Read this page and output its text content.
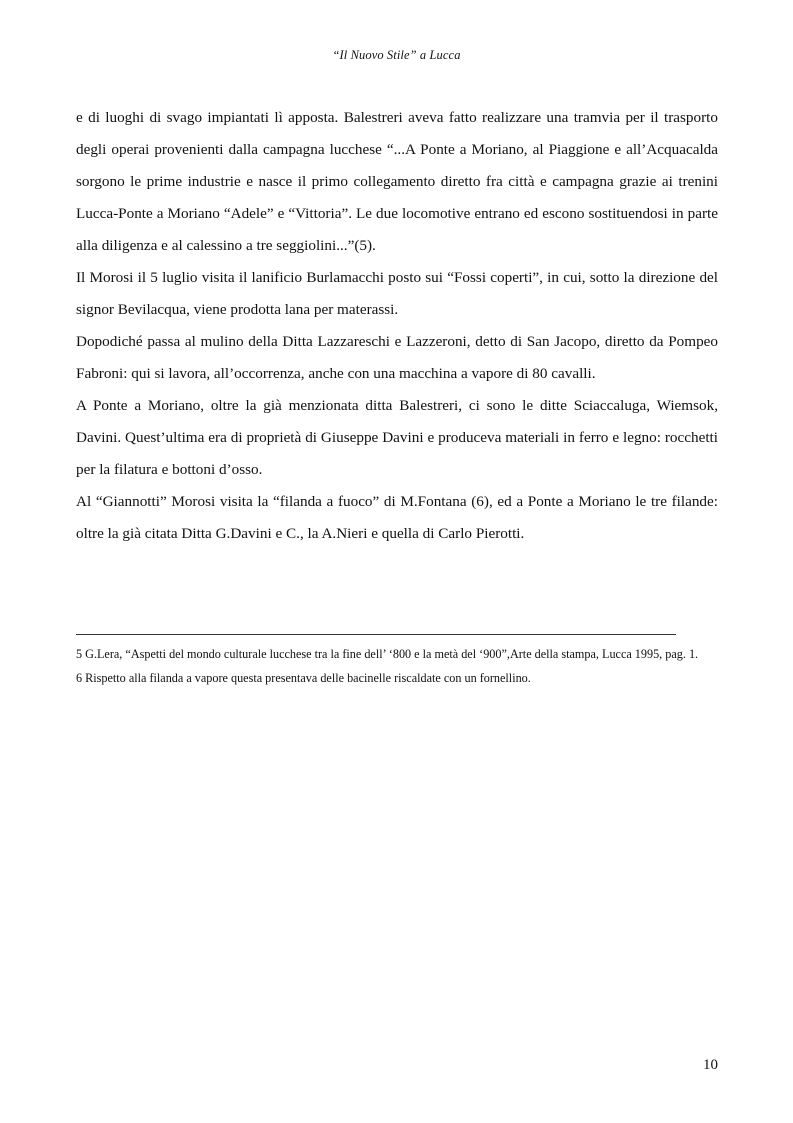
“Il Nuovo Stile” a Lucca

e di luoghi di svago impiantati lì apposta. Balestreri aveva fatto realizzare una tramvia per il trasporto degli operai provenienti dalla campagna lucchese “...A Ponte a Moriano, al Piaggione e all’Acquacalda sorgono le prime industrie e nasce il primo collegamento diretto fra città e campagna grazie ai trenini Lucca-Ponte a Moriano “Adele” e “Vittoria”. Le due locomotive entrano ed escono sostituendosi in parte alla diligenza e al calessino a tre seggiolini...”(5).

Il Morosi il 5 luglio visita il lanificio Burlamacchi posto sui “Fossi coperti”, in cui, sotto la direzione del signor Bevilacqua, viene prodotta lana per materassi.

Dopodiché passa al mulino della Ditta Lazzareschi e Lazzeroni, detto di San Jacopo, diretto da Pompeo Fabroni: qui si lavora, all’occorrenza, anche con una macchina a vapore di 80 cavalli.

A Ponte a Moriano, oltre la già menzionata ditta Balestreri, ci sono le ditte Sciaccaluga, Wiemsok, Davini. Quest’ultima era di proprietà di Giuseppe Davini e produceva materiali in ferro e legno: rocchetti per la filatura e bottoni d’osso.

Al “Giannotti” Morosi visita la “filanda a fuoco” di M.Fontana (6), ed a Ponte a Moriano le tre filande: oltre la già citata Ditta G.Davini e C., la A.Nieri e quella di Carlo Pierotti.

5 G.Lera, “Aspetti del mondo culturale lucchese tra la fine dell’ ‘800 e la metà del ‘900”,Arte della stampa, Lucca 1995, pag. 1.

6 Rispetto alla filanda a vapore questa presentava delle bacinelle riscaldate con un fornellino.

10
